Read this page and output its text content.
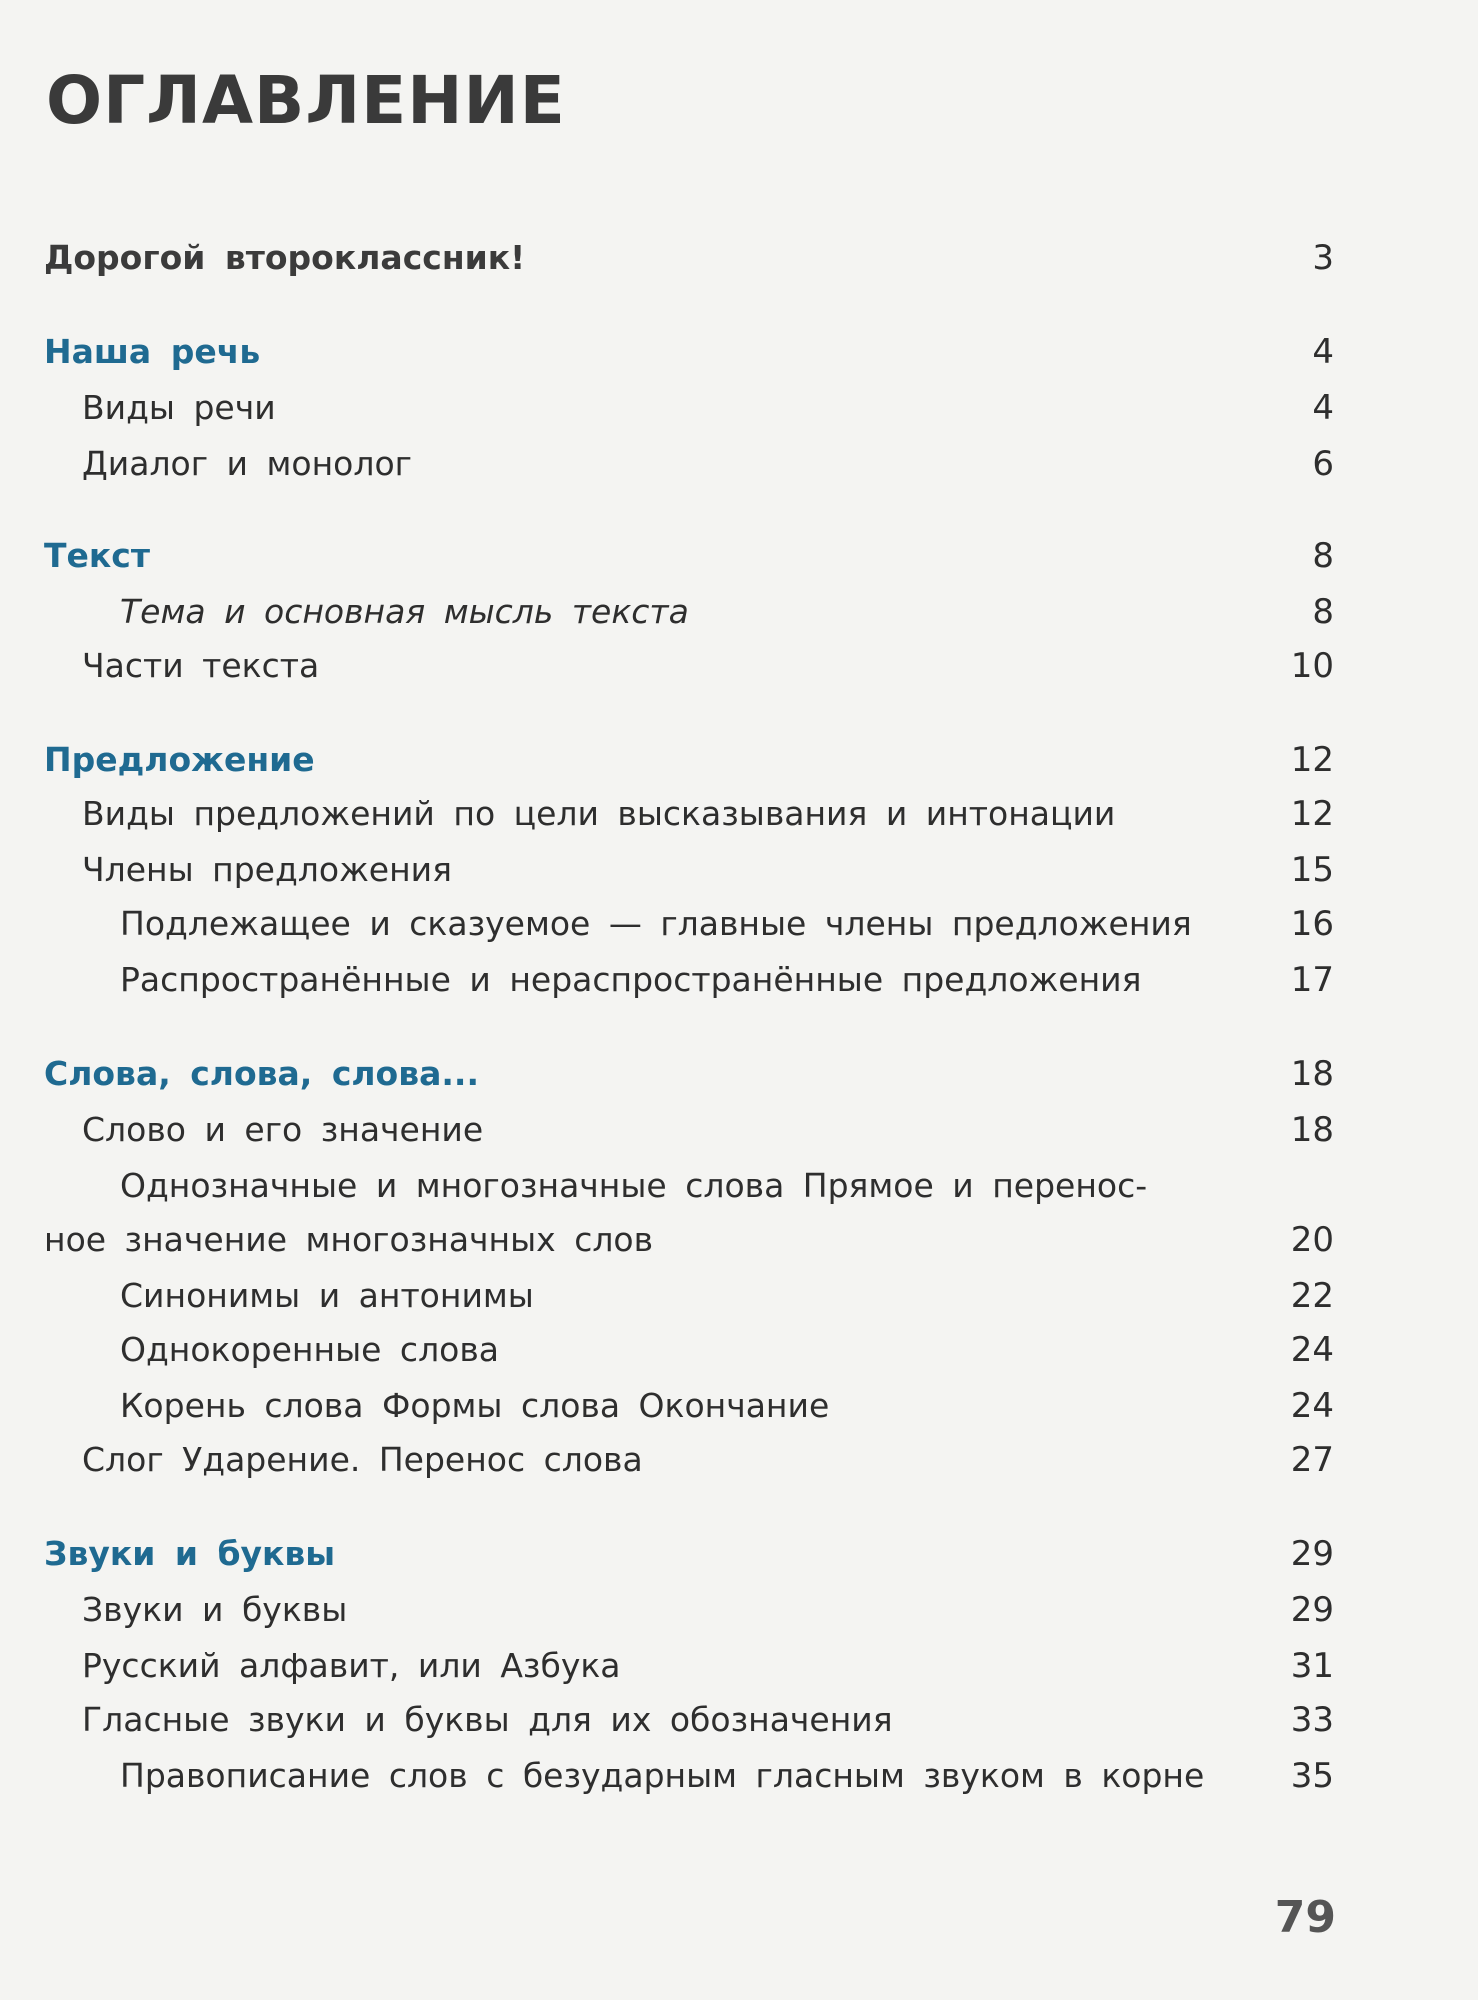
ОГЛАВЛЕНИЕ
Дорогой второклассник!	3
Наша речь	4
Виды речи	4
Диалог и монолог	6
Текст	8
Тема и основная мысль текста	8
Части текста	10
Предложение	12
Виды предложений по цели высказывания и интонации	12
Члены предложения	15
Подлежащее и сказуемое — главные члены предложения	16
Распространённые и нераспространённые предложения	17
Слова, слова, слова...	18
Слово и его значение	18
Однозначные и многозначные слова Прямое и перенос-
ное значение многозначных слов	20
Синонимы и антонимы	22
Однокоренные слова	24
Корень слова Формы слова Окончание	24
Слог Ударение. Перенос слова	27
Звуки и буквы	29
Звуки и буквы	29
Русский алфавит, или Азбука	31
Гласные звуки и буквы для их обозначения	33
Правописание слов с безударным гласным звуком в корне	35
79
